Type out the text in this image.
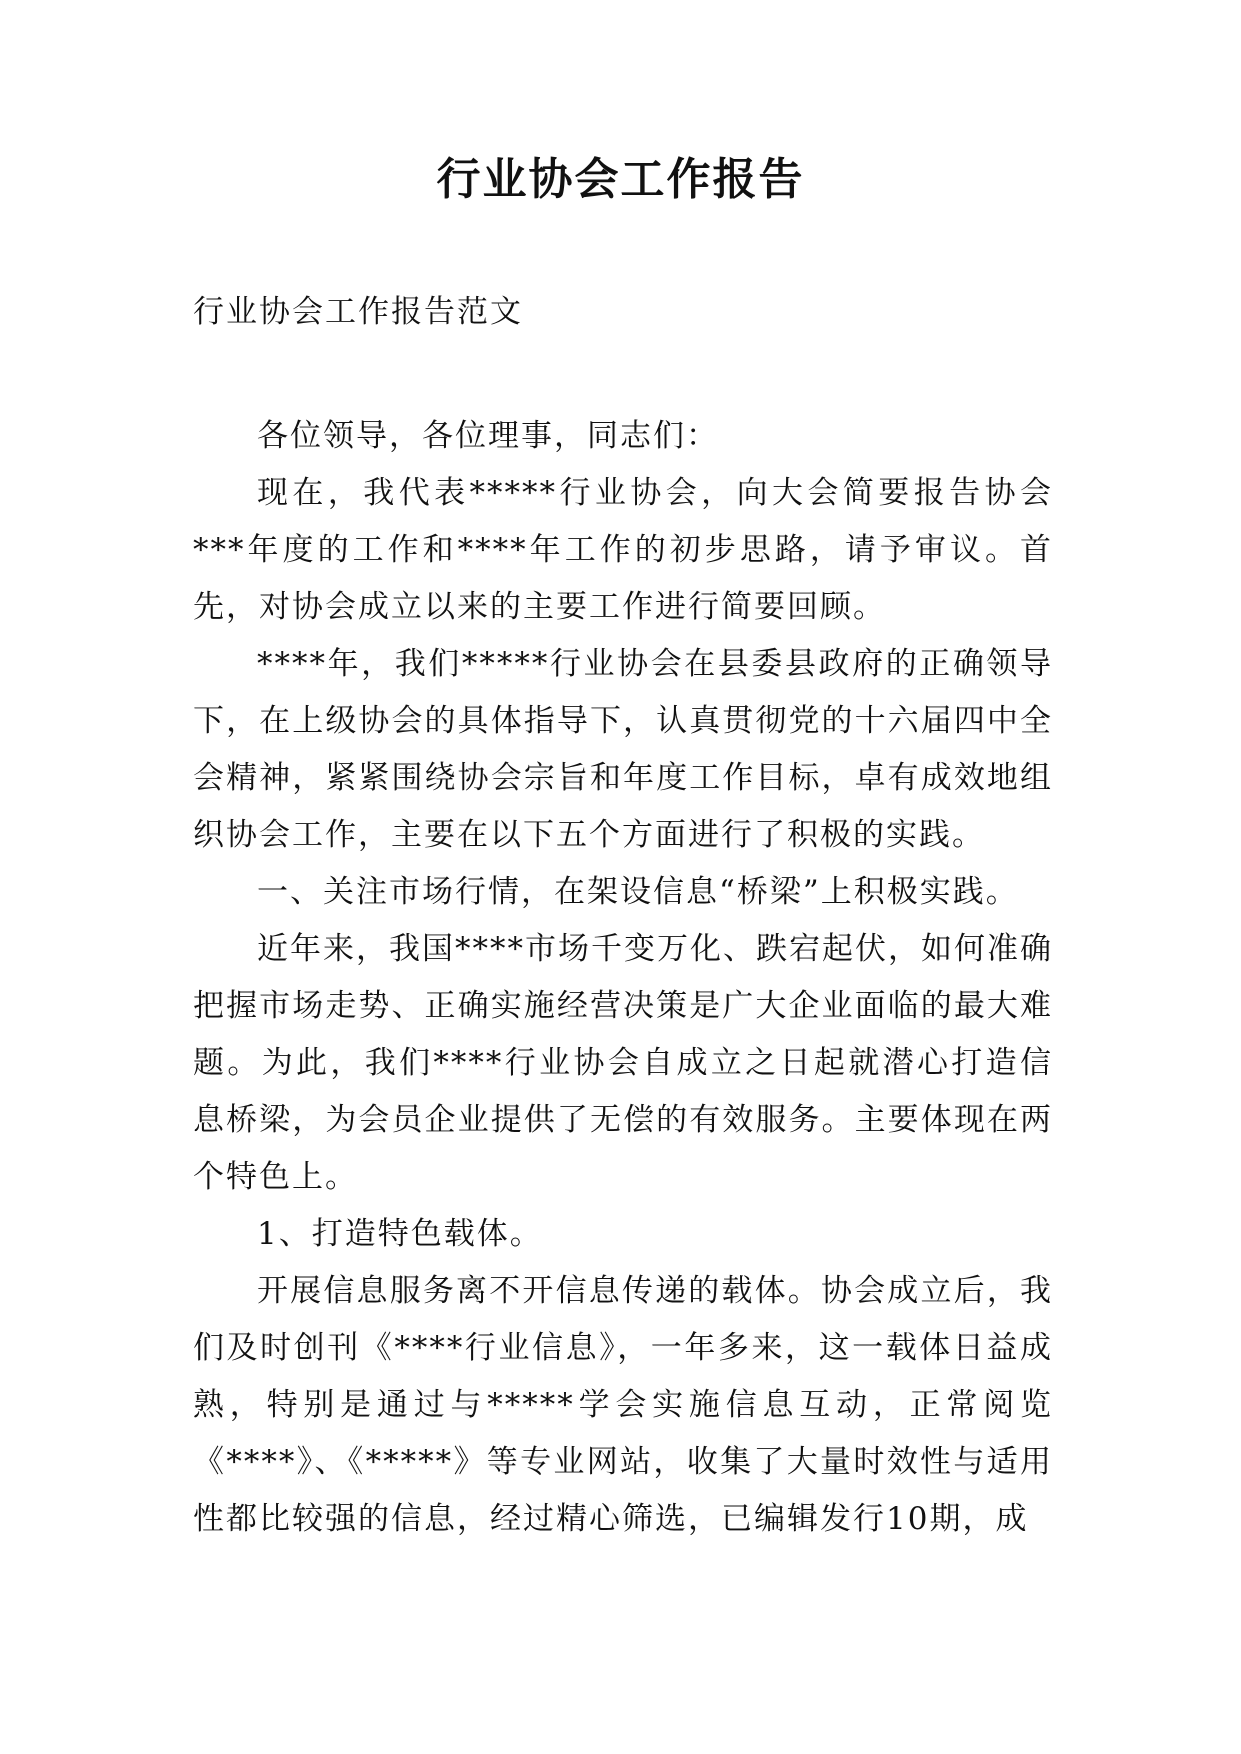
行业协会工作报告
行业协会工作报告范文

各位领导，各位理事，同志们：

现在，我代表*****行业协会，向大会简要报告协会***年度的工作和****年工作的初步思路，请予审议。首先，对协会成立以来的主要工作进行简要回顾。

****年，我们*****行业协会在县委县政府的正确领导下，在上级协会的具体指导下，认真贯彻党的十六届四中全会精神，紧紧围绕协会宗旨和年度工作目标，卓有成效地组织协会工作，主要在以下五个方面进行了积极的实践。

一、关注市场行情，在架设信息“桥梁”上积极实践。

近年来，我国****市场千变万化、跌宕起伏，如何准确把握市场走势、正确实施经营决策是广大企业面临的最大难题。为此，我们****行业协会自成立之日起就潜心打造信息桥梁，为会员企业提供了无偿的有效服务。主要体现在两个特色上。

1、打造特色载体。

开展信息服务离不开信息传递的载体。协会成立后，我们及时创刊《****行业信息》，一年多来，这一载体日益成熟，特别是通过与*****学会实施信息互动，正常阅览《****》、《*****》等专业网站，收集了大量时效性与适用性都比较强的信息，经过精心筛选，已编辑发行10期，成
